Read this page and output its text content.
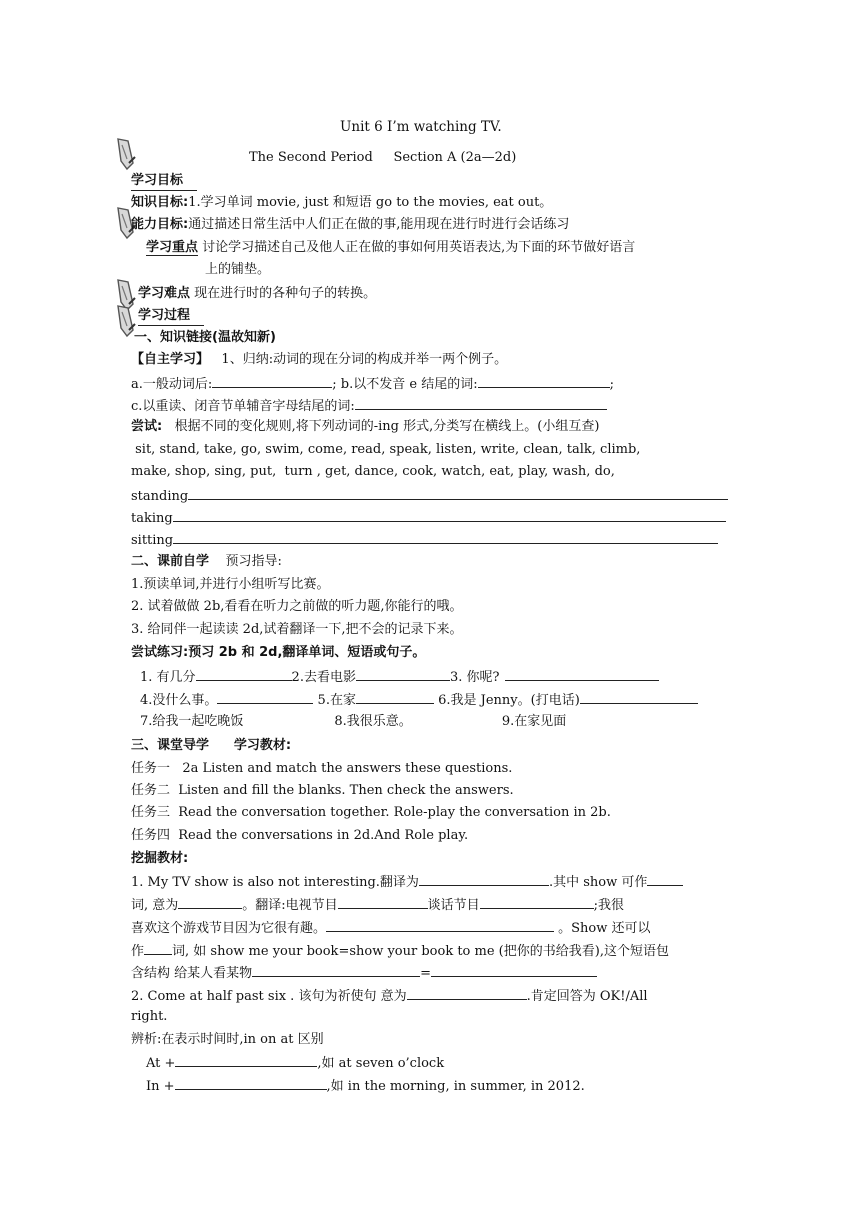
Unit 6 I’m watching TV.
The Second Period     Section A (2a—2d)
学习目标
知识目标:1.学习单词 movie, just 和短语 go to the movies, eat out。
能力目标:通过描述日常生活中人们正在做的事,能用现在进行时进行会话练习
学习重点 讨论学习描述自己及他人正在做的事如何用英语表达,为下面的环节做好语言
上的铺垫。
学习难点 现在进行时的各种句子的转换。
学习过程
一、知识链接(温故知新)
【自主学习】 1、归纳:动词的现在分词的构成并举一两个例子。
a.一般动词后:	; b.以不发音 e 结尾的词:	;
c.以重读、闭音节单辅音字母结尾的词:
尝试: 根据不同的变化规则,将下列动词的-ing 形式,分类写在横线上。(小组互查)
sit, stand, take, go, swim, come, read, speak, listen, write, clean, talk, climb,
make, shop, sing, put,  turn , get, dance, cook, watch, eat, play, wash, do,
standing
taking
sitting
二、课前自学 预习指导:
1.预读单词,并进行小组听写比赛。
2. 试着做做 2b,看看在听力之前做的听力题,你能行的哦。
3. 给同伴一起读读 2d,试着翻译一下,把不会的记录下来。
尝试练习:预习 2b 和 2d,翻译单词、短语或句子。
1. 有几分	2.去看电影	3. 你呢?
4.没什么事。	5.在家	6.我是 Jenny。(打电话)
7.给我一起吃晚饭	8.我很乐意。	9.在家见面
三、课堂导学 学习教材:
任务一   2a Listen and match the answers these questions.
任务二  Listen and fill the blanks. Then check the answers.
任务三  Read the conversation together. Role-play the conversation in 2b.
任务四  Read the conversations in 2d.And Role play.
挖掘教材:
1. My TV show is also not interesting.翻译为	.其中 show 可作
词, 意为	。翻译:电视节目	谈话节目	;我很
喜欢这个游戏节目因为它很有趣。	。Show 还可以
作 词, 如 show me your book=show your book to me (把你的书给我看),这个短语包
含结构 给某人看某物	=
2. Come at half past six . 该句为祈使句 意为	.肯定回答为 OK!/All
right.
辨析:在表示时间时,in on at 区别
At +	,如 at seven o’clock
In +	,如 in the morning, in summer, in 2012.
